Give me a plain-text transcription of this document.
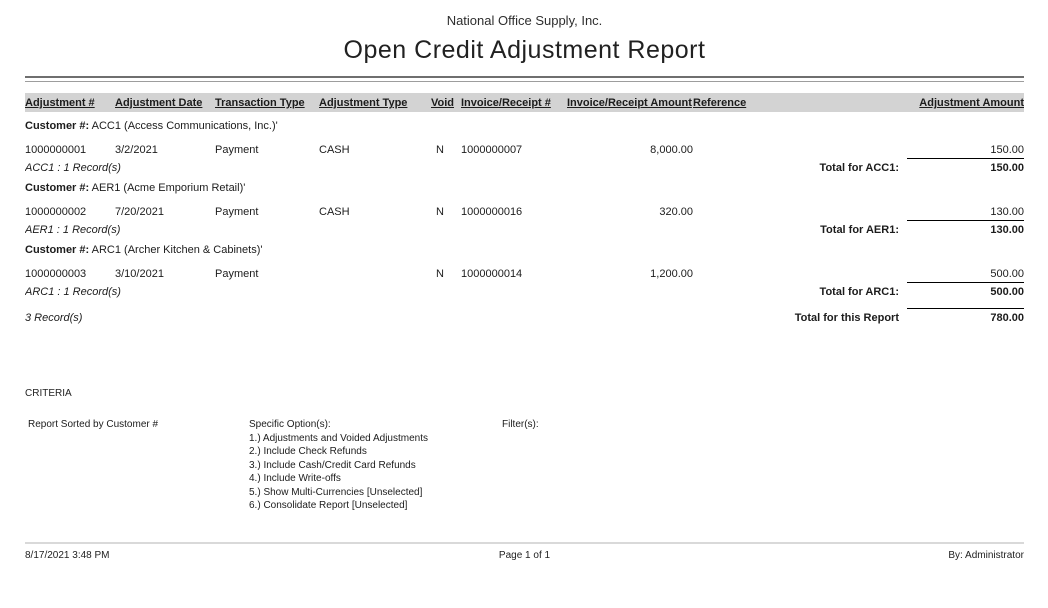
National Office Supply, Inc.
Open Credit Adjustment Report
Adjustment #	Adjustment Date	Transaction Type	Adjustment Type	Void	Invoice/Receipt #	Invoice/Receipt Amount	Reference	Adjustment Amount
Customer #: ACC1 (Access Communications, Inc.)'								
1000000001	3/2/2021	Payment	CASH	N	1000000007	8,000.00		150.00
ACC1 : 1 Record(s)							Total for ACC1: 150.00	
Customer #: AER1 (Acme Emporium Retail)'								
1000000002	7/20/2021	Payment	CASH	N	1000000016	320.00		130.00
AER1 : 1 Record(s)							Total for AER1: 130.00	
Customer #: ARC1 (Archer Kitchen & Cabinets)'								
1000000003	3/10/2021	Payment		N	1000000014	1,200.00		500.00
ARC1 : 1 Record(s)							Total for ARC1: 500.00	
3 Record(s)							Total for this Report 780.00	
CRITERIA
Report Sorted by Customer #	Specific Option(s):
1.) Adjustments and Voided Adjustments
2.) Include Check Refunds
3.) Include Cash/Credit Card Refunds
4.) Include Write-offs
5.) Show Multi-Currencies [Unselected]
6.) Consolidate Report [Unselected]
Filter(s):
8/17/2021 3:48 PM	Page 1 of 1	By: Administrator
